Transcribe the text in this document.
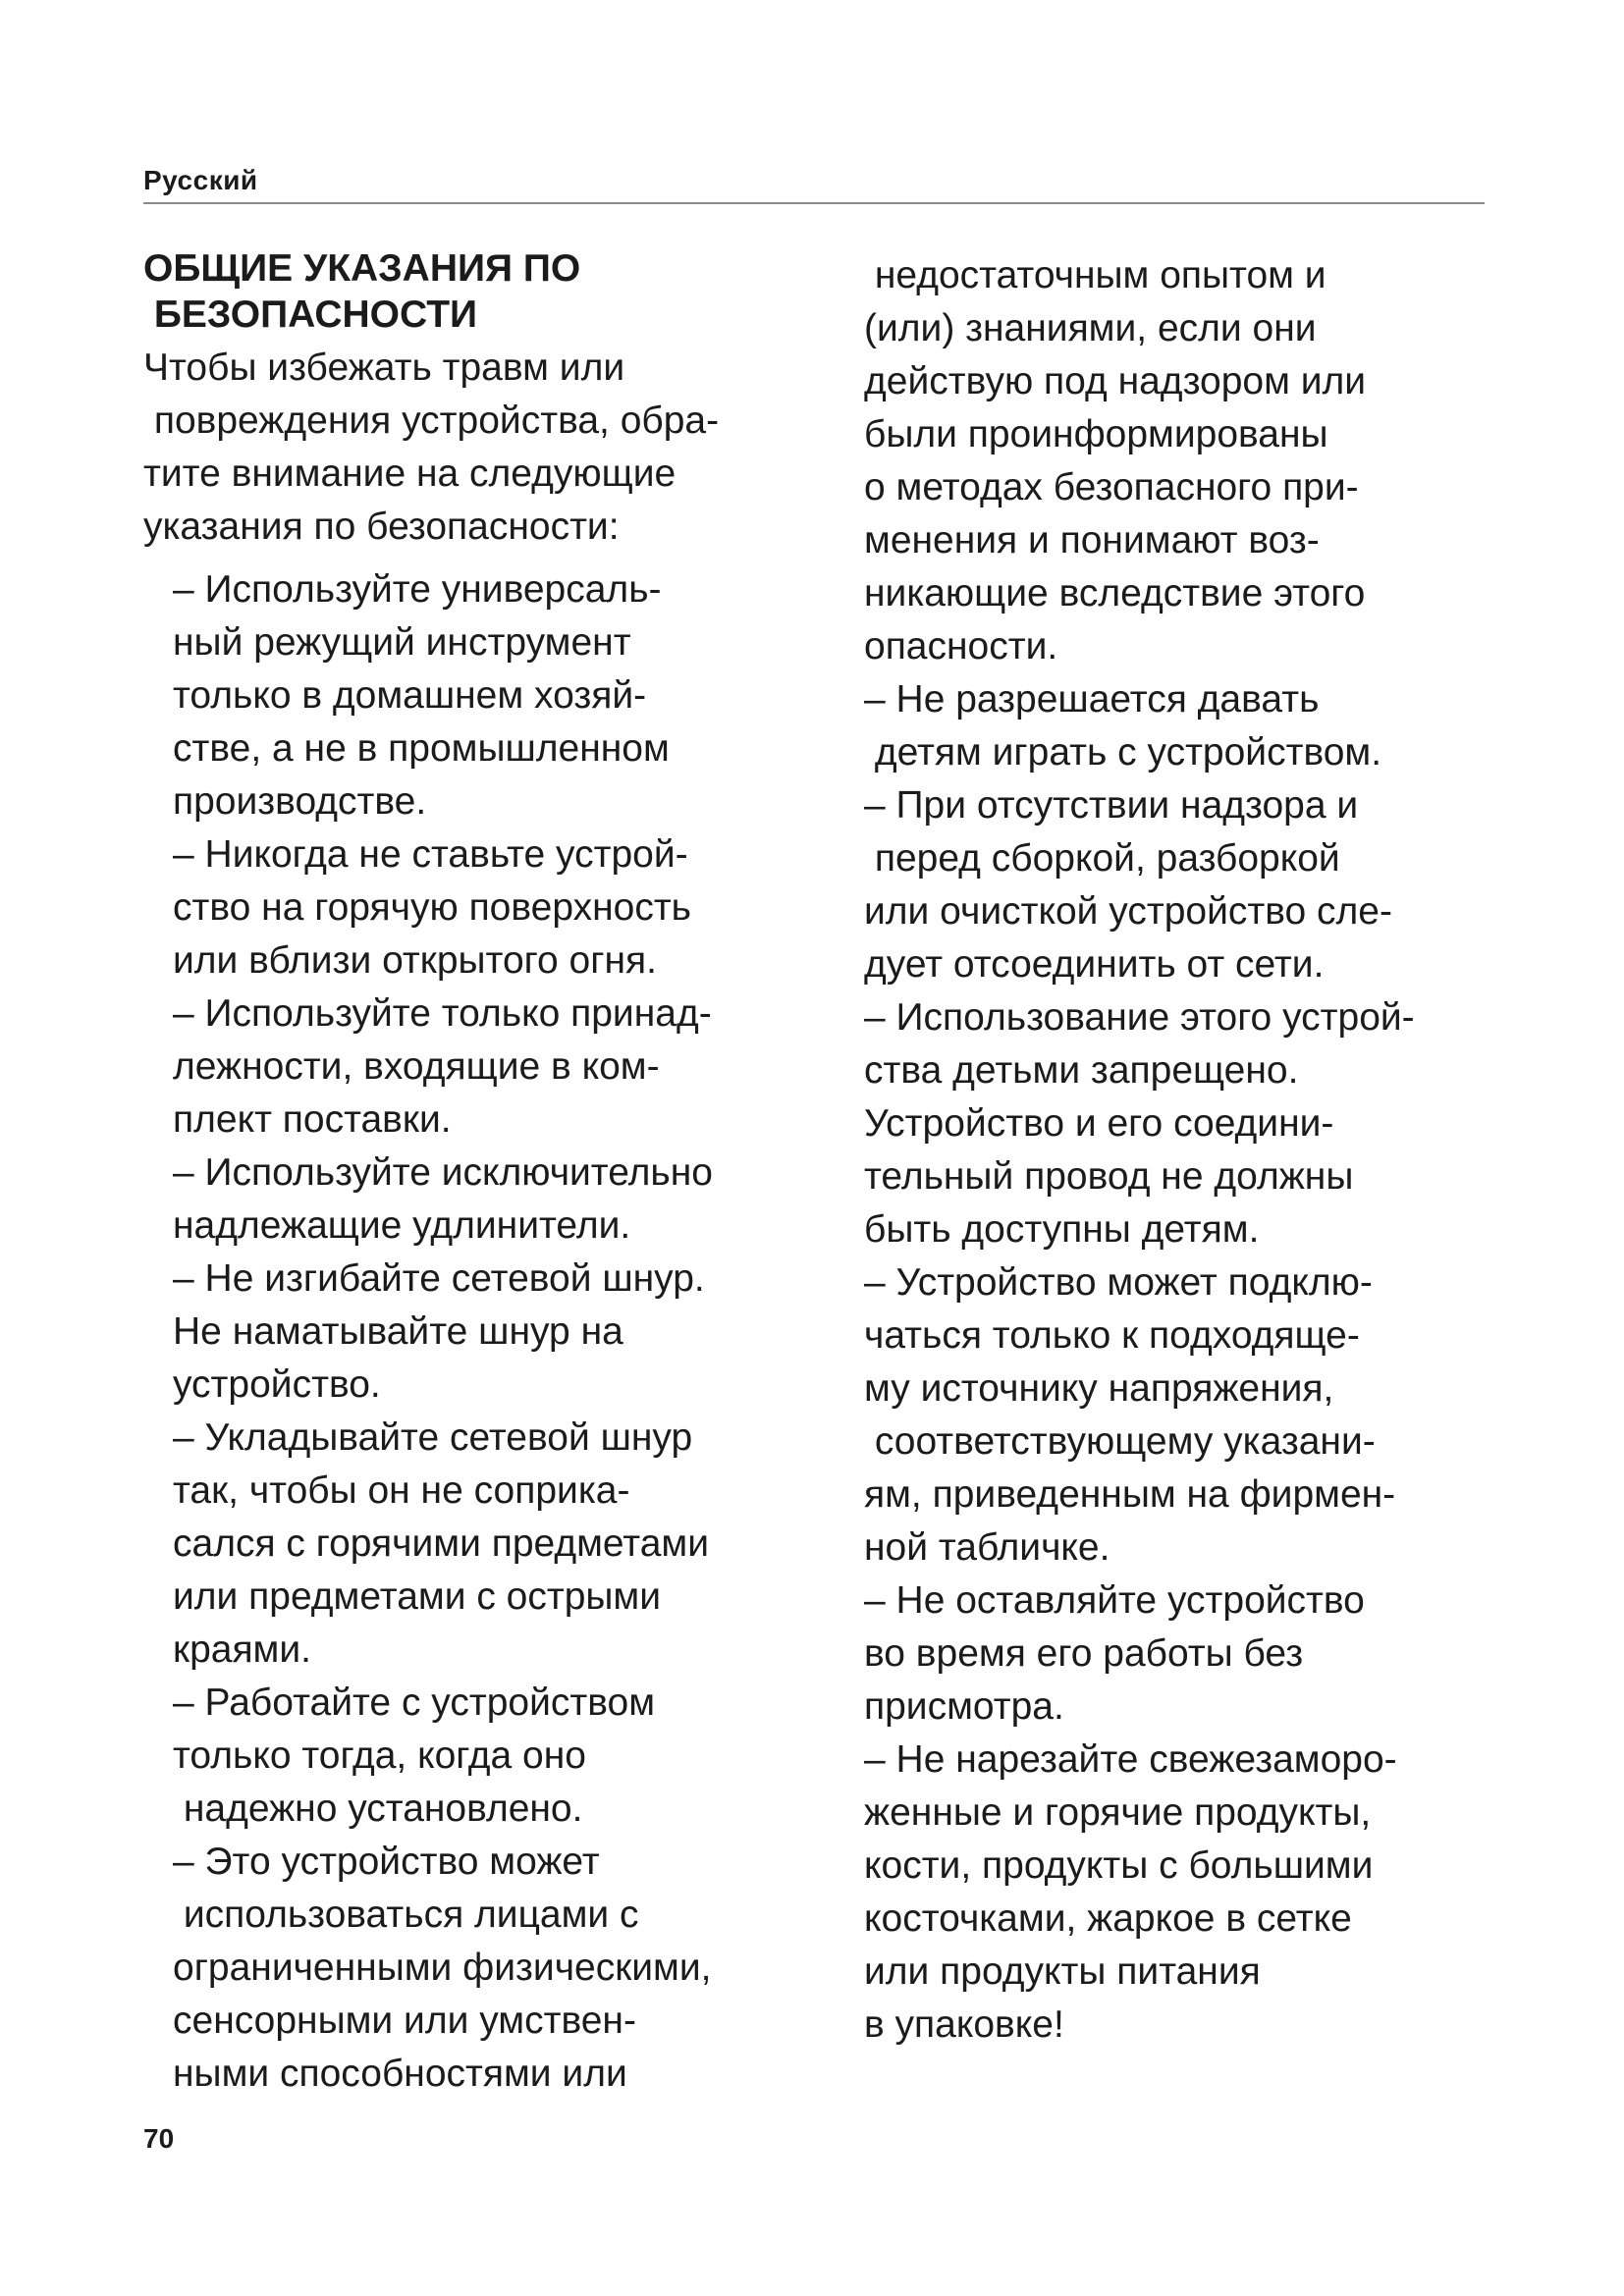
Русский
ОБЩИЕ УКАЗАНИЯ ПО
БЕЗОПАСНОСТИ
Чтобы избежать травм или
повреждения устройства, обра-
тите внимание на следующие
указания по безопасности:
– Используйте универсаль-
ный режущий инструмент
только в домашнем хозяй-
стве, а не в промышленном
производстве.
– Никогда не ставьте устрой-
ство на горячую поверхность
или вблизи открытого огня.
– Используйте только принад-
лежности, входящие в ком-
плект поставки.
– Используйте исключительно
надлежащие удлинители.
– Не изгибайте сетевой шнур.
Не наматывайте шнур на
устройство.
– Укладывайте сетевой шнур
так, чтобы он не соприка-
сался с горячими предметами
или предметами с острыми
краями.
– Работайте с устройством
только тогда, когда оно
надежно установлено.
– Это устройство может
использоваться лицами с
ограниченными физическими,
сенсорными или умствен-
ными способностями или
недостаточным опытом и
(или) знаниями, если они
действую под надзором или
были проинформированы
о методах безопасного при-
менения и понимают воз-
никающие вследствие этого
опасности.
– Не разрешается давать
детям играть с устройством.
– При отсутствии надзора и
перед сборкой, разборкой
или очисткой устройство сле-
дует отсоединить от сети.
– Использование этого устрой-
ства детьми запрещено.
Устройство и его соедини-
тельный провод не должны
быть доступны детям.
– Устройство может подклю-
чаться только к подходяще-
му источнику напряжения,
соответствующему указани-
ям, приведенным на фирмен-
ной табличке.
– Не оставляйте устройство
во время его работы без
присмотра.
– Не нарезайте свежезаморо-
женные и горячие продукты,
кости, продукты с большими
косточками, жаркое в сетке
или продукты питания
в упаковке!
70
